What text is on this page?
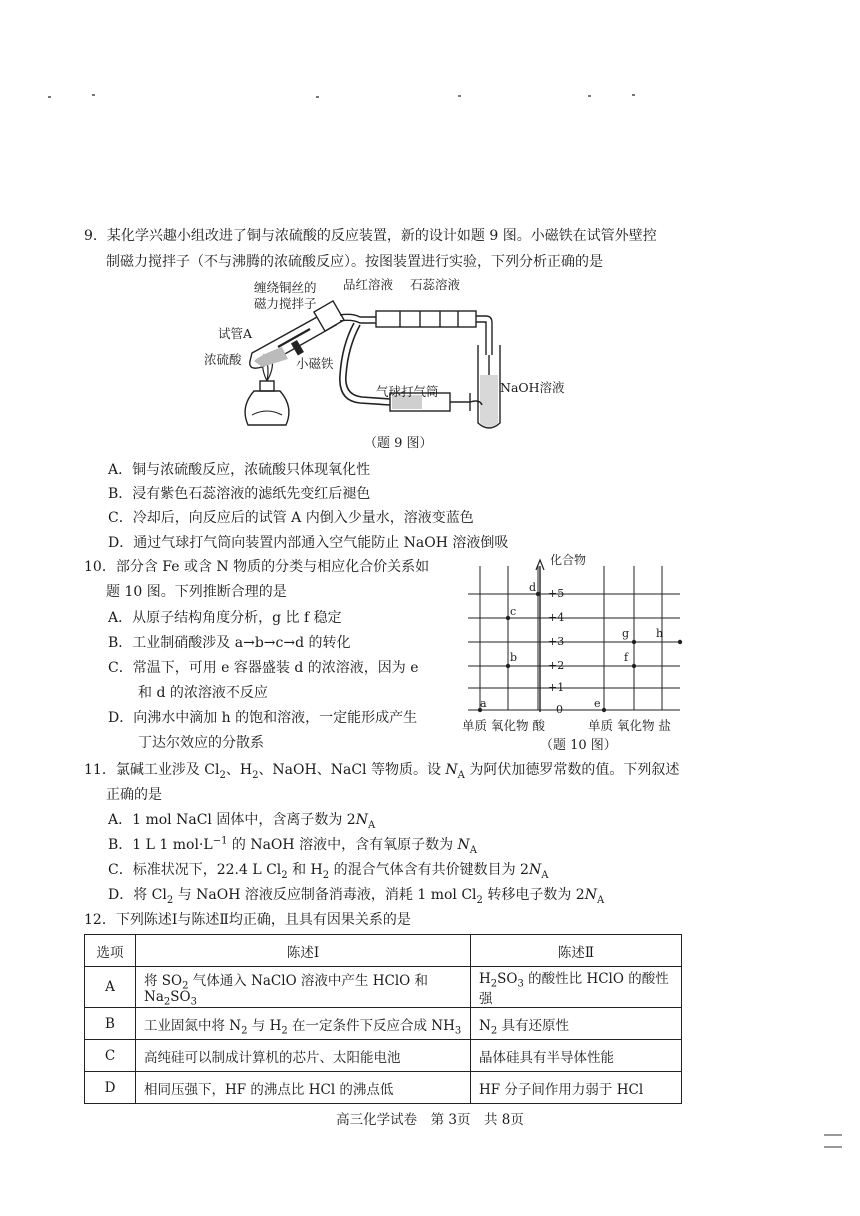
9．某化学兴趣小组改进了铜与浓硫酸的反应装置，新的设计如题 9 图。小磁铁在试管外壁控
制磁力搅拌子（不与沸腾的浓硫酸反应）。按图装置进行实验，下列分析正确的是
缠绕铜丝的
磁力搅拌子
品红溶液 石蕊溶液
试管A
浓硫酸	小磁铁
气球打气筒	NaOH溶液
（题 9 图）
A．铜与浓硫酸反应，浓硫酸只体现氧化性
B．浸有紫色石蕊溶液的滤纸先变红后褪色
C．冷却后，向反应后的试管 A 内倒入少量水，溶液变蓝色
D．通过气球打气筒向装置内部通入空气能防止 NaOH 溶液倒吸
10．部分含 Fe 或含 N 物质的分类与相应化合价关系如
题 10 图。下列推断合理的是
A．从原子结构角度分析，g 比 f 稳定
B．工业制硝酸涉及 a→b→c→d 的转化
C．常温下，可用 e 容器盛装 d 的浓溶液，因为 e
和 d 的浓溶液不反应
D．向沸水中滴加 h 的饱和溶液，一定能形成产生
丁达尔效应的分散系
化合物
+5
+4
+3
+2
+1
0
a
b
c
d
e
f
g h
单质 氧化物 酸	单质 氧化物 盐
（题 10 图）
11．氯碱工业涉及 $Cl_2$、$H_2$、NaOH、NaCl 等物质。设 $N_A$ 为阿伏加德罗常数的值。下列叙述
正确的是
A．1 mol NaCl 固体中，含离子数为 $2N_A$
B．1 L 1 $mol\cdot L^{-1}$ 的 NaOH 溶液中，含有氧原子数为 $N_A$
C．标准状况下，22.4 L $Cl_2$ 和 $H_2$ 的混合气体含有共价键数目为 $2N_A$
D．将 $Cl_2$ 与 NaOH 溶液反应制备消毒液，消耗 1 mol $Cl_2$ 转移电子数为 $2N_A$
12．下列陈述Ⅰ与陈述Ⅱ均正确，且具有因果关系的是
选项	陈述Ⅰ	陈述Ⅱ
A	将 $SO_2$ 气体通入 NaClO 溶液中产生 HClO 和 $Na_2SO_3$	$H_2SO_3$ 的酸性比 HClO 的酸性强
B	工业固氮中将 $N_2$ 与 $H_2$ 在一定条件下反应合成 $NH_3$	$N_2$ 具有还原性
C	高纯硅可以制成计算机的芯片、太阳能电池	晶体硅具有半导体性能
D	相同压强下，HF 的沸点比 HCl 的沸点低	HF 分子间作用力弱于 HCl
高三化学试卷　第 3页　共 8页
